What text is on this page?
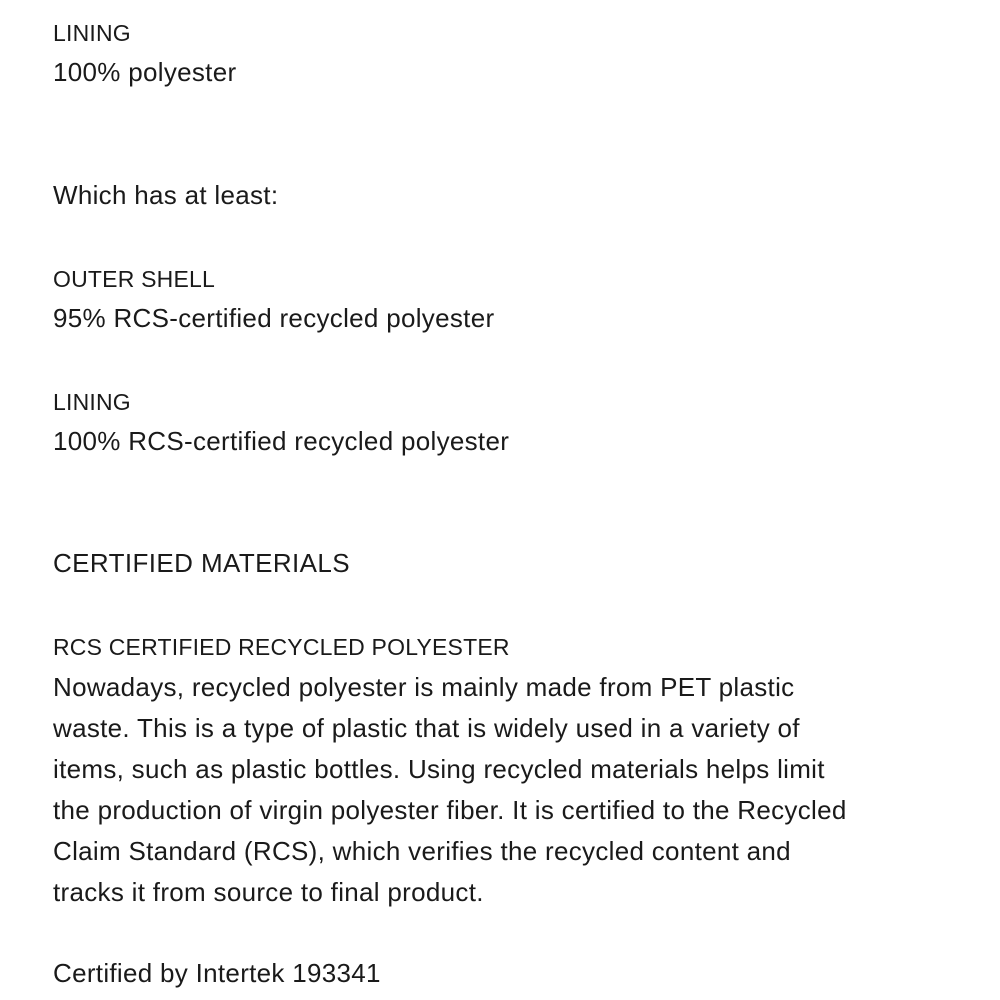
LINING

100% polyester

Which has at least:

OUTER SHELL

95% RCS-certified recycled polyester

LINING

100% RCS-certified recycled polyester

CERTIFIED MATERIALS

RCS CERTIFIED RECYCLED POLYESTER

Nowadays, recycled polyester is mainly made from PET plastic
waste. This is a type of plastic that is widely used in a variety of
items, such as plastic bottles. Using recycled materials helps limit
the production of virgin polyester fiber. It is certified to the Recycled
Claim Standard (RCS), which verifies the recycled content and
tracks it from source to final product.

Certified by Intertek 193341
